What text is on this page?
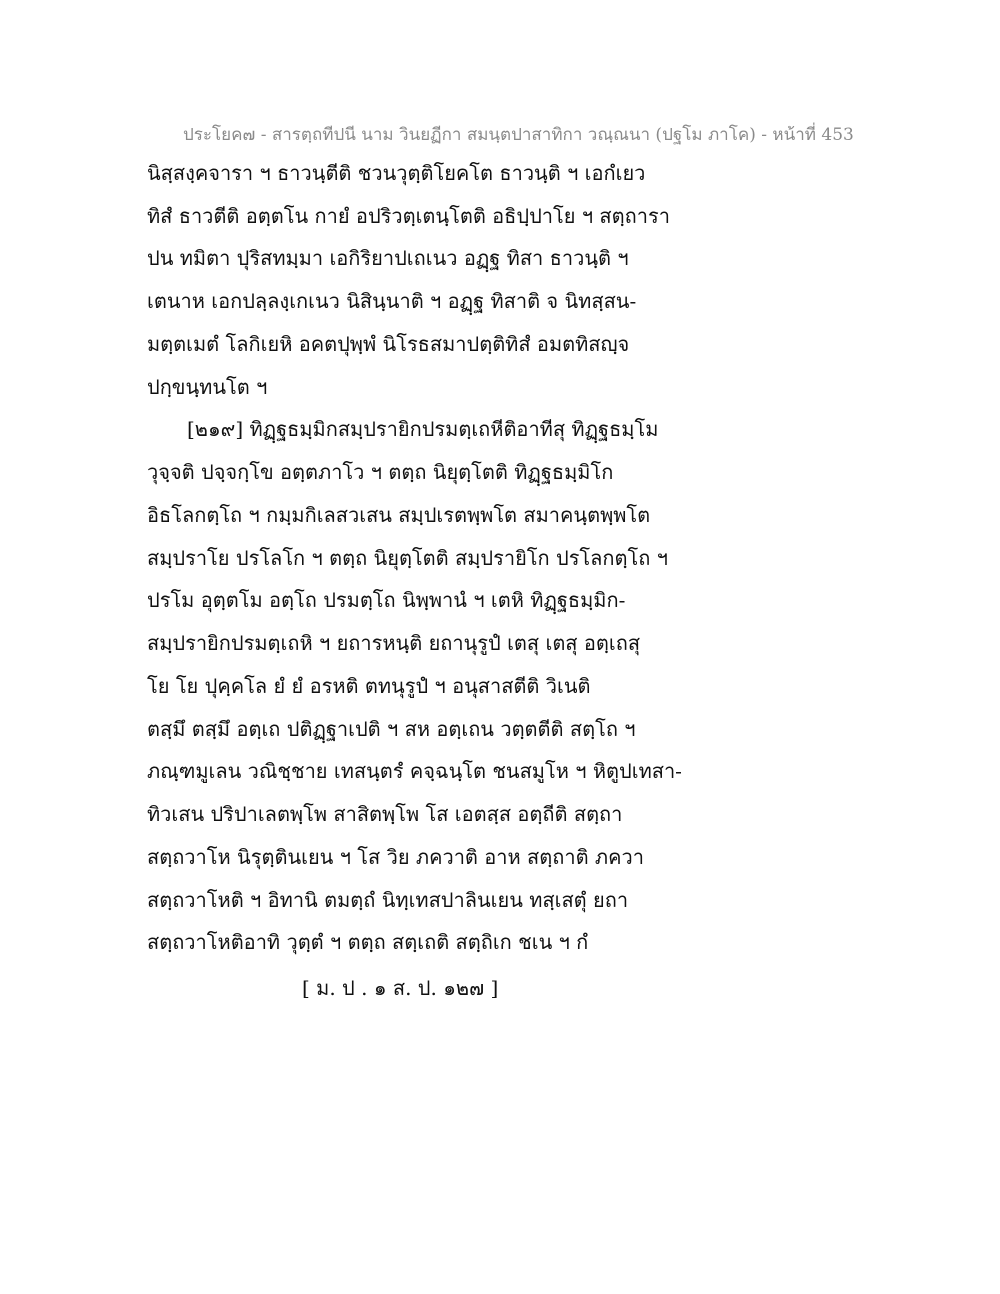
ประโยค๗ - สารตฺถทีปนี นาม วินยฏีกา สมนฺตปาสาทิกา วณฺณนา (ปฐโม ภาโค) - หน้าที่ 453
นิสฺสงฺคจารา ฯ ธาวนฺตีติ ชวนวุตฺติโยคโต ธาวนฺติ ฯ เอกํเยว
ทิสํ ธาวตีติ อตฺตโน กายํ อปริวตฺเตนฺโตติ อธิปฺปาโย ฯ สตฺถารา
ปน ทมิตา ปุริสทมฺมา เอกิริยาปเถเนว อฏฺฐ ทิสา ธาวนฺติ ฯ
เตนาห เอกปลฺลงฺเกเนว นิสินฺนาติ ฯ อฏฺฐ ทิสาติ จ นิทสฺสน-
มตฺตเมตํ โลกิเยหิ อคตปุพฺพํ นิโรธสมาปตฺติทิสํ อมตทิสญฺจ
ปกฺขนฺทนโต ฯ
[๒๑๙] ทิฏฺฐธมฺมิกสมฺปรายิกปรมตฺเถหีติอาทีสุ ทิฏฺฐธมฺโม
วุจฺจติ ปจฺจกฺโข อตฺตภาโว ฯ ตตฺถ นิยุตฺโตติ ทิฏฺฐธมฺมิโก
อิธโลกตฺโถ ฯ กมฺมกิเลสวเสน สมฺปเรตพฺพโต สมาคนฺตพฺพโต
สมฺปราโย ปรโลโก ฯ ตตฺถ นิยุตฺโตติ สมฺปรายิโก ปรโลกตฺโถ ฯ
ปรโม อุตฺตโม อตฺโถ ปรมตฺโถ นิพฺพานํ ฯ เตหิ ทิฏฺฐธมฺมิก-
สมฺปรายิกปรมตฺเถหิ ฯ ยถารหนฺติ ยถานุรูปํ เตสุ เตสุ อตฺเถสุ
โย โย ปุคฺคโล ยํ ยํ อรหติ ตทนุรูปํ ฯ อนุสาสตีติ วิเนติ
ตสฺมึ ตสฺมึ อตฺเถ ปติฏฺฐาเปติ ฯ สห อตฺเถน วตฺตตีติ สตฺโถ ฯ
ภณฺฑมูเลน วณิชฺชาย เทสนฺตรํ คจฺฉนฺโต ชนสมูโห ฯ หิตูปเทสา-
ทิวเสน ปริปาเลตพฺโพ สาสิตพฺโพ โส เอตสฺส อตฺถีติ สตฺถา
สตฺถวาโห นิรุตฺตินเยน ฯ โส วิย ภควาติ อาห สตฺถาติ ภควา
สตฺถวาโหติ ฯ อิทานิ ตมตฺถํ นิทฺเทสปาลินเยน ทสฺเสตุํ ยถา
สตฺถวาโหติอาทิ วุตฺตํ ฯ ตตฺถ สตฺเถติ สตฺถิเก ชเน ฯ กํ
[ ม. ป . ๑ ส. ป. ๑๒๗ ]
